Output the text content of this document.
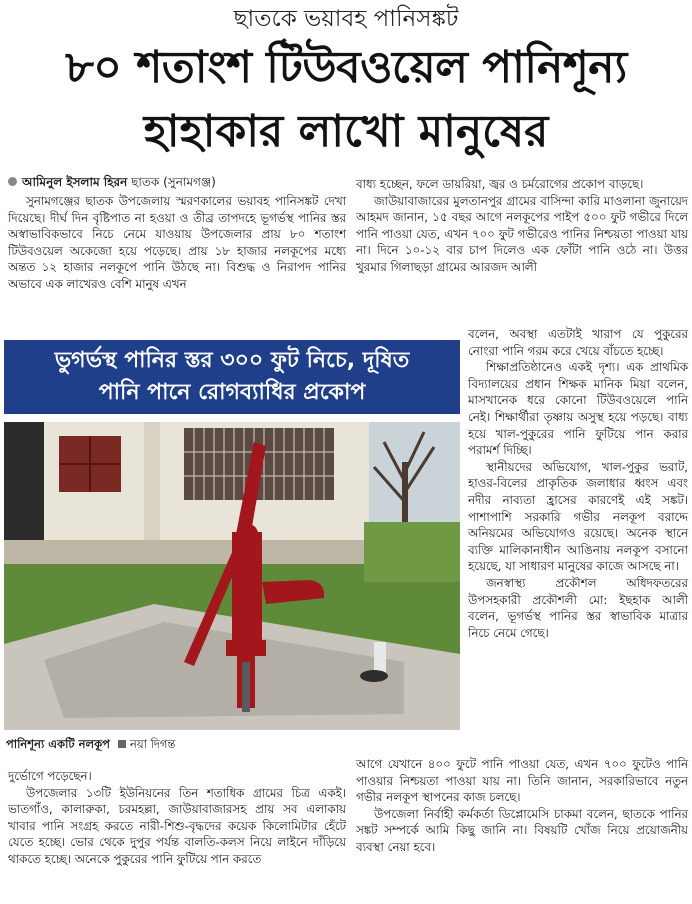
ছাতকে ভয়াবহ পানিসঙ্কট
৮০ শতাংশ টিউবওয়েল পানিশূন্য
হাহাকার লাখো মানুষের
আমিনুল ইসলাম হিরন ছাতক (সুনামগঞ্জ)

সুনামগঞ্জের ছাতক উপজেলায় স্মরণকালের ভয়াবহ পানিসঙ্কট দেখা দিয়েছে। দীর্ঘ দিন বৃষ্টিপাত না হওয়া ও তীব্র তাপদহে ভূগর্ভস্থ পানির স্তর অস্বাভাবিকভাবে নিচে নেমে যাওয়ায় উপজেলার প্রায় ৮০ শতাংশ টিউবওয়েল অকেজো হয়ে পড়েছে। প্রায় ১৮ হাজার নলকূপের মধ্যে অন্তত ১২ হাজার নলকূপে পানি উঠছে না। বিশুদ্ধ ও নিরাপদ পানির অভাবে এক লাখেরও বেশি মানুষ এখন

বাধ্য হচ্ছেন, ফলে ডায়রিয়া, জ্বর ও চর্মরোগের প্রকোপ বাড়ছে।

জাউয়াবাজারের মুলতানপুর গ্রামের বাসিন্দা কারি মাওলানা জুনায়েদ আহমদ জানান, ১৫ বছর আগে নলকূপের পাইপ ৫০০ ফুট গভীরে দিলে পানি পাওয়া যেত, এখন ৭০০ ফুট গভীরেও পানির নিশ্চয়তা পাওয়া যায় না। দিনে ১০-১২ বার চাপ দিলেও এক ফোঁটা পানি ওঠে না। উত্তর খুরমার গিলাছড়া গ্রামের আরজদ আলী

ভুগর্ভস্থ পানির স্তর ৩০০ ফুট নিচে, দূষিত
পানি পানে রোগব্যাধির প্রকোপ

বলেন, অবস্থা এতটাই খারাপ যে পুকুরের নোংরা পানি গরম করে খেয়ে বাঁচতে হচ্ছে।

শিক্ষাপ্রতিষ্ঠানেও একই দৃশ্য। এক প্রাথমিক বিদ্যালয়ের প্রধান শিক্ষক মানিক মিয়া বলেন, মাসখানেক ধরে কোনো টিউবওয়েলে পানি নেই। শিক্ষার্থীরা তৃষ্ণায় অসুস্থ হয়ে পড়ছে। বাধ্য হয়ে খাল-পুকুরের পানি ফুটিয়ে পান করার পরামর্শ দিচ্ছি।

স্থানীয়দের অভিযোগ, খাল-পুকুর ভরাট, হাওর-বিলের প্রাকৃতিক জলাধার ধ্বংস এবং নদীর নাব্যতা হ্রাসের কারণেই এই সঙ্কট। পাশাপাশি সরকারি গভীর নলকূপ বরাদ্দে অনিয়মের অভিযোগও রয়েছে। অনেক স্থানে ব্যক্তি মালিকানাধীন আঙিনায় নলকূপ বসানো হয়েছে, যা সাধারণ মানুষের কাজে আসছে না।

জনস্বাস্থ্য প্রকৌশল অধিদফতরের উপসহকারী প্রকৌশলী মো: ইছহাক আলী বলেন, ভূগর্ভস্থ পানির স্তর স্বাভাবিক মাত্রার নিচে নেমে গেছে।

পানিশূন্য একটি নলকূপ নয়া দিগন্ত

দুর্ভোগে পড়েছেন।

উপজেলার ১৩টি ইউনিয়নের তিন শতাধিক গ্রামের চিত্র একই। ভাতগাঁও, কালারুকা, চরমহল্লা, জাউয়াবাজারসহ প্রায় সব এলাকায় খাবার পানি সংগ্রহ করতে নারী-শিশু-বৃদ্ধদের কয়েক কিলোমিটার হেঁটে যেতে হচ্ছে। ভোর থেকে দুপুর পর্যন্ত বালতি-কলস নিয়ে লাইনে দাঁড়িয়ে থাকতে হচ্ছে। অনেকে পুকুরের পানি ফুটিয়ে পান করতে

আগে যেখানে ৪০০ ফুটে পানি পাওয়া যেত, এখন ৭০০ ফুটেও পানি পাওয়ার নিশ্চয়তা পাওয়া যায় না। তিনি জানান, সরকারিভাবে নতুন গভীর নলকূপ স্থাপনের কাজ চলছে।

উপজেলা নির্বাহী কর্মকর্তা ডিপ্লোমেসি চাকমা বলেন, ছাতকে পানির সঙ্কট সম্পর্কে আমি কিছু জানি না। বিষয়টি খোঁজ নিয়ে প্রয়োজনীয় ব্যবস্থা নেয়া হবে।
